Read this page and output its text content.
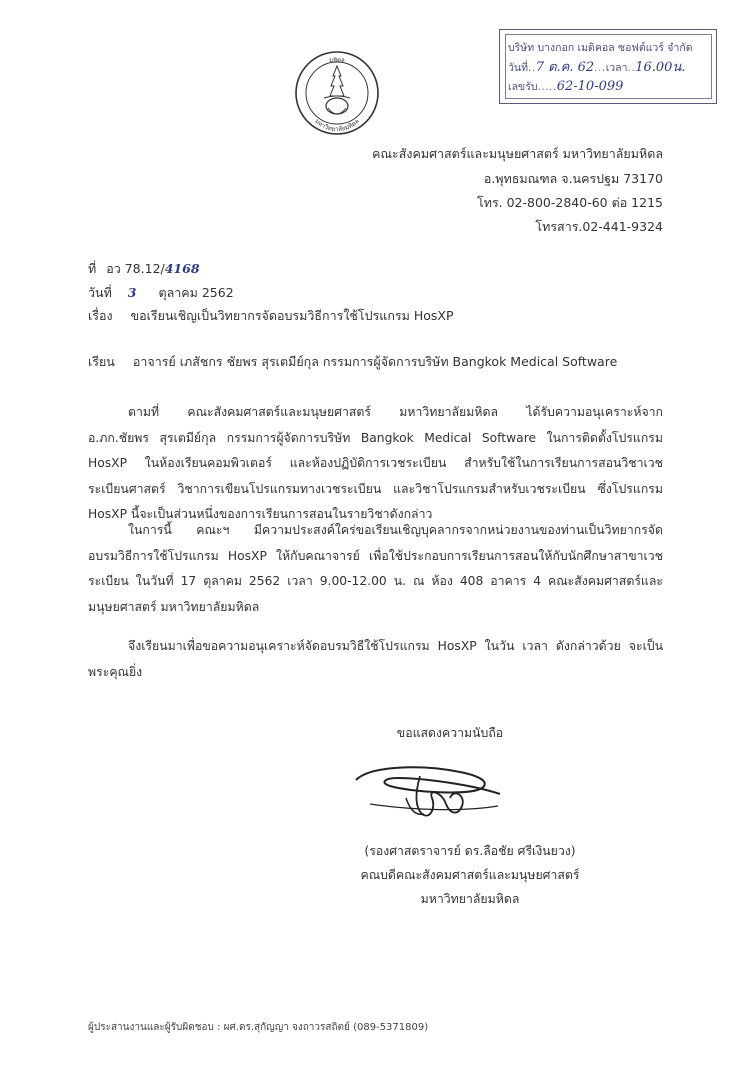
มหิดล
มหาวิทยาลัยมหิดล
บริษัท บางกอก เมดิคอล ซอฟต์แวร์ จำกัด
วันที่..7 ต.ค. 62...เวลา..16.00น.
เลขรับ.....62-10-099
คณะสังคมศาสตร์และมนุษยศาสตร์ มหาวิทยาลัยมหิดล
อ.พุทธมณฑล จ.นครปฐม 73170
โทร. 02-800-2840-60 ต่อ 1215
โทรสาร.02-441-9324
ที่ อว 78.12/4168
วันที่ 3 ตุลาคม 2562
เรื่อง ขอเรียนเชิญเป็นวิทยากรจัดอบรมวิธีการใช้โปรแกรม HosXP
เรียน อาจารย์ เภสัชกร ชัยพร สุรเตมีย์กุล กรรมการผู้จัดการบริษัท Bangkok Medical Software
ตามที่ คณะสังคมศาสตร์และมนุษยศาสตร์ มหาวิทยาลัยมหิดล ได้รับความอนุเคราะห์จาก
อ.ภก.ชัยพร สุรเตมีย์กุล กรรมการผู้จัดการบริษัท Bangkok Medical Software ในการติดตั้งโปรแกรม
HosXP ในห้องเรียนคอมพิวเตอร์ และห้องปฏิบัติการเวชระเบียน สำหรับใช้ในการเรียนการสอนวิชาเวช
ระเบียนศาสตร์ วิชาการเขียนโปรแกรมทางเวชระเบียน และวิชาโปรแกรมสำหรับเวชระเบียน ซึ่งโปรแกรม
HosXP นี้จะเป็นส่วนหนึ่งของการเรียนการสอนในรายวิชาดังกล่าว
ในการนี้ คณะฯ มีความประสงค์ใคร่ขอเรียนเชิญบุคลากรจากหน่วยงานของท่านเป็นวิทยากรจัด
อบรมวิธีการใช้โปรแกรม HosXP ให้กับคณาจารย์ เพื่อใช้ประกอบการเรียนการสอนให้กับนักศึกษาสาขาเวช
ระเบียน ในวันที่ 17 ตุลาคม 2562 เวลา 9.00-12.00 น. ณ ห้อง 408 อาคาร 4 คณะสังคมศาสตร์และ
มนุษยศาสตร์ มหาวิทยาลัยมหิดล
จึงเรียนมาเพื่อขอความอนุเคราะห์จัดอบรมวิธีใช้โปรแกรม HosXP ในวัน เวลา ดังกล่าวด้วย จะเป็น
พระคุณยิ่ง
ขอแสดงความนับถือ
(รองศาสตราจารย์ ดร.ลือชัย ศรีเงินยวง)
คณบดีคณะสังคมศาสตร์และมนุษยศาสตร์
มหาวิทยาลัยมหิดล
ผู้ประสานงานและผู้รับผิดชอบ : ผศ.ดร.สุกัญญา จงถาวรสถิตย์ (089-5371809)
